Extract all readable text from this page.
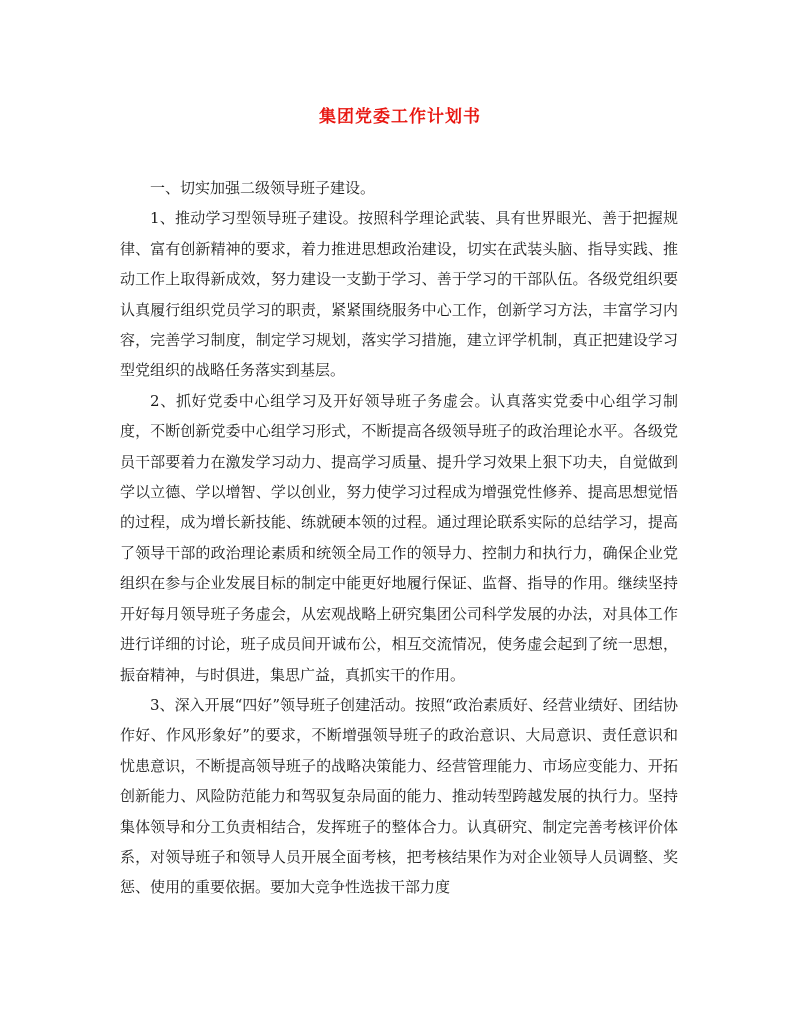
集团党委工作计划书

一、切实加强二级领导班子建设。

1、推动学习型领导班子建设。按照科学理论武装、具有世界眼光、善于把握规律、富有创新精神的要求，着力推进思想政治建设，切实在武装头脑、指导实践、推动工作上取得新成效，努力建设一支勤于学习、善于学习的干部队伍。各级党组织要认真履行组织党员学习的职责，紧紧围绕服务中心工作，创新学习方法，丰富学习内容，完善学习制度，制定学习规划，落实学习措施，建立评学机制，真正把建设学习型党组织的战略任务落实到基层。

2、抓好党委中心组学习及开好领导班子务虚会。认真落实党委中心组学习制度，不断创新党委中心组学习形式，不断提高各级领导班子的政治理论水平。各级党员干部要着力在激发学习动力、提高学习质量、提升学习效果上狠下功夫，自觉做到学以立德、学以增智、学以创业，努力使学习过程成为增强党性修养、提高思想觉悟的过程，成为增长新技能、练就硬本领的过程。通过理论联系实际的总结学习，提高了领导干部的政治理论素质和统领全局工作的领导力、控制力和执行力，确保企业党组织在参与企业发展目标的制定中能更好地履行保证、监督、指导的作用。继续坚持开好每月领导班子务虚会，从宏观战略上研究集团公司科学发展的办法，对具体工作进行详细的讨论，班子成员间开诚布公，相互交流情况，使务虚会起到了统一思想，振奋精神，与时俱进，集思广益，真抓实干的作用。

3、深入开展“四好”领导班子创建活动。按照“政治素质好、经营业绩好、团结协作好、作风形象好”的要求，不断增强领导班子的政治意识、大局意识、责任意识和忧患意识，不断提高领导班子的战略决策能力、经营管理能力、市场应变能力、开拓创新能力、风险防范能力和驾驭复杂局面的能力、推动转型跨越发展的执行力。坚持集体领导和分工负责相结合，发挥班子的整体合力。认真研究、制定完善考核评价体系，对领导班子和领导人员开展全面考核，把考核结果作为对企业领导人员调整、奖惩、使用的重要依据。要加大竞争性选拔干部力度
